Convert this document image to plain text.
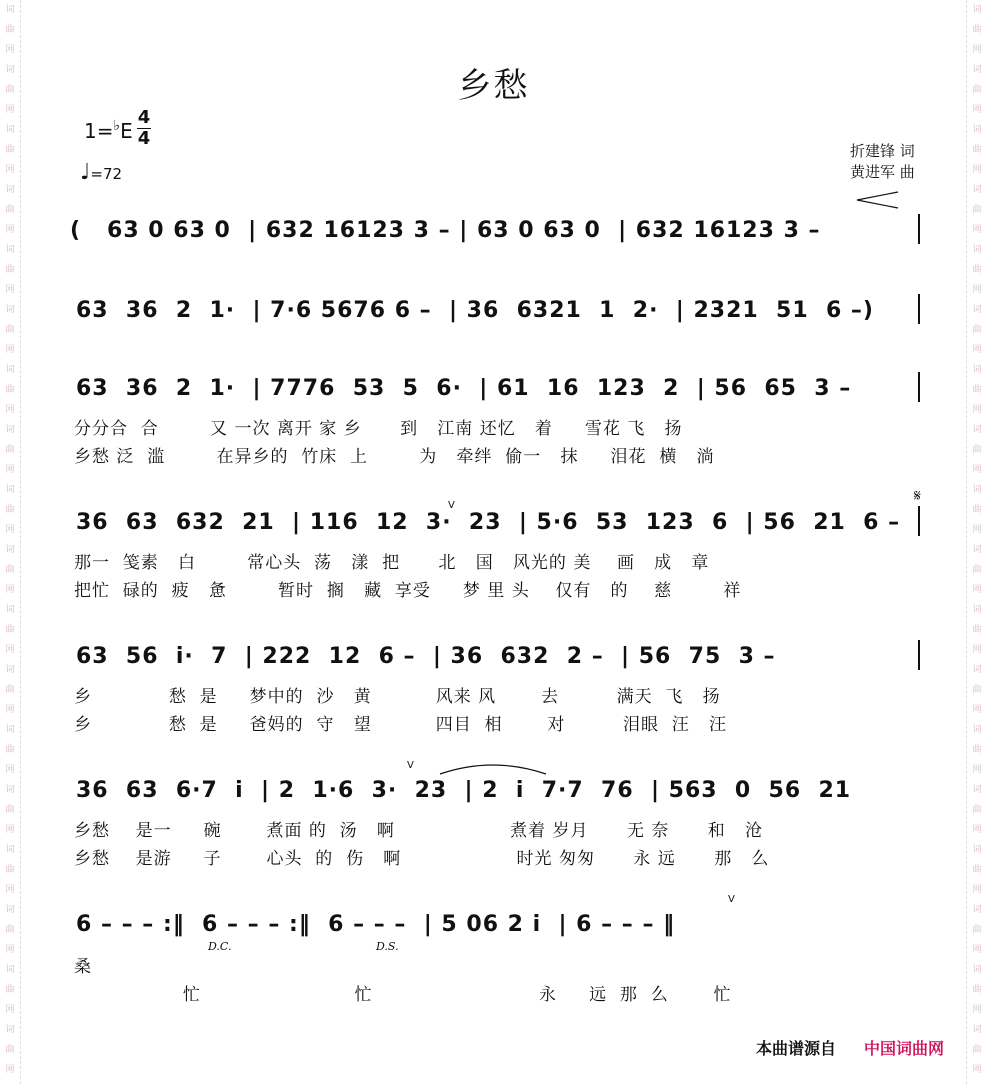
词
曲
网
词
曲
网
词
曲
网
词
曲
网
词
曲
网
词
曲
网
词
曲
网
词
曲
网
词
曲
网
词
曲
网
词
曲
网
词
曲
网
词
曲
网
词
曲
网
词
曲
网
词
曲
网
词
曲
网
词
曲
网
词
曲
网
词
曲
网
词
曲
网
词
曲
网
词
曲
网
词
曲
网
词
曲
网
词
曲
网
词
曲
网
词
曲
网
词
曲
网
词
曲
网
词
曲
网
词
曲
网
词
曲
网
词
曲
网
词
曲
网
词
曲
网
乡愁
1=♭E
4
4
♩=72
折建锋 词
黄进军 曲
(   63 0 63 0  | 632 16123 3 – | 63 0 63 0  | 632 16123 3 –
63  36  2  1·  | 7·6 5676 6 –  | 36  6321  1  2·  | 2321  51  6 –)
63  36  2  1·  | 7776  53  5  6·  | 61  16  123  2  | 56  65  3 –
分分合  合        又 一次 离开 家 乡      到   江南 还忆   着     雪花 飞   扬
乡愁 泛  滥        在异乡的  竹床  上        为   牵绊  偷一   抹     泪花  横   淌
36  63  632  21  | 116  12  3·  23  | 5·6  53  123  6  | 56  21  6 –
那一  笺素   白        常心头  荡   漾  把      北   国   风光的 美    画   成   章
把忙  碌的  疲   惫        暂时  搁   藏  享受     梦 里 头    仅有   的    慈        祥
𝄋
V
63  56  i·  7  | 222  12  6 –  | 36  632  2 –  | 56  75  3 –
乡            愁  是     梦中的  沙   黄          风来 风       去         满天  飞   扬
乡            愁  是     爸妈的  守   望          四目  相       对         泪眼  汪   汪
36  63  6·7  i  | 2  1·6  3·  23  | 2  i  7·7  76  | 563  0  56  21
乡愁    是一     碗       煮面 的  汤   啊                  煮着 岁月      无 奈      和   沧
乡愁    是游     子       心头  的  伤   啊                  时光 匆匆      永 远      那   么
V
6 – – – :‖  6 – – – :‖  6 – – –  | 5 06 2 i  | 6 – – – ‖
桑
忙                        忙                          永     远  那  么       忙
D.C.	D.S.
V
本曲谱源自 中国词曲网
